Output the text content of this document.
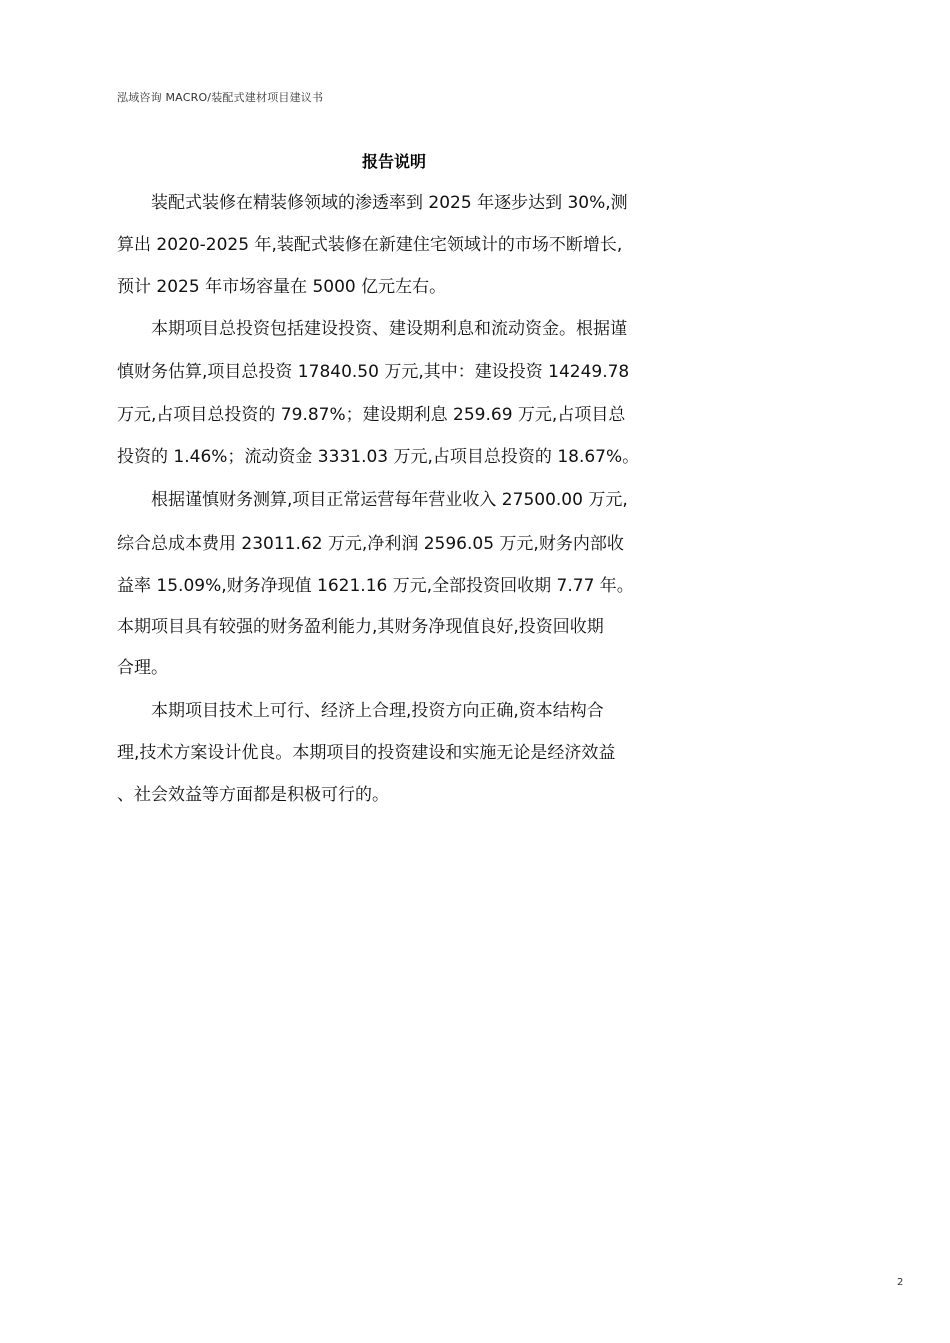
泓域咨询 MACRO/装配式建材项目建议书
报告说明
装配式装修在精装修领域的渗透率到 2025 年逐步达到 30%,测
算出 2020-2025 年,装配式装修在新建住宅领域计的市场不断增长,
预计 2025 年市场容量在 5000 亿元左右。
本期项目总投资包括建设投资、建设期利息和流动资金。根据谨
慎财务估算,项目总投资 17840.50 万元,其中：建设投资 14249.78
万元,占项目总投资的 79.87%；建设期利息 259.69 万元,占项目总
投资的 1.46%；流动资金 3331.03 万元,占项目总投资的 18.67%。
根据谨慎财务测算,项目正常运营每年营业收入 27500.00 万元,
综合总成本费用 23011.62 万元,净利润 2596.05 万元,财务内部收
益率 15.09%,财务净现值 1621.16 万元,全部投资回收期 7.77 年。
本期项目具有较强的财务盈利能力,其财务净现值良好,投资回收期
合理。
本期项目技术上可行、经济上合理,投资方向正确,资本结构合
理,技术方案设计优良。本期项目的投资建设和实施无论是经济效益
、社会效益等方面都是积极可行的。
2
